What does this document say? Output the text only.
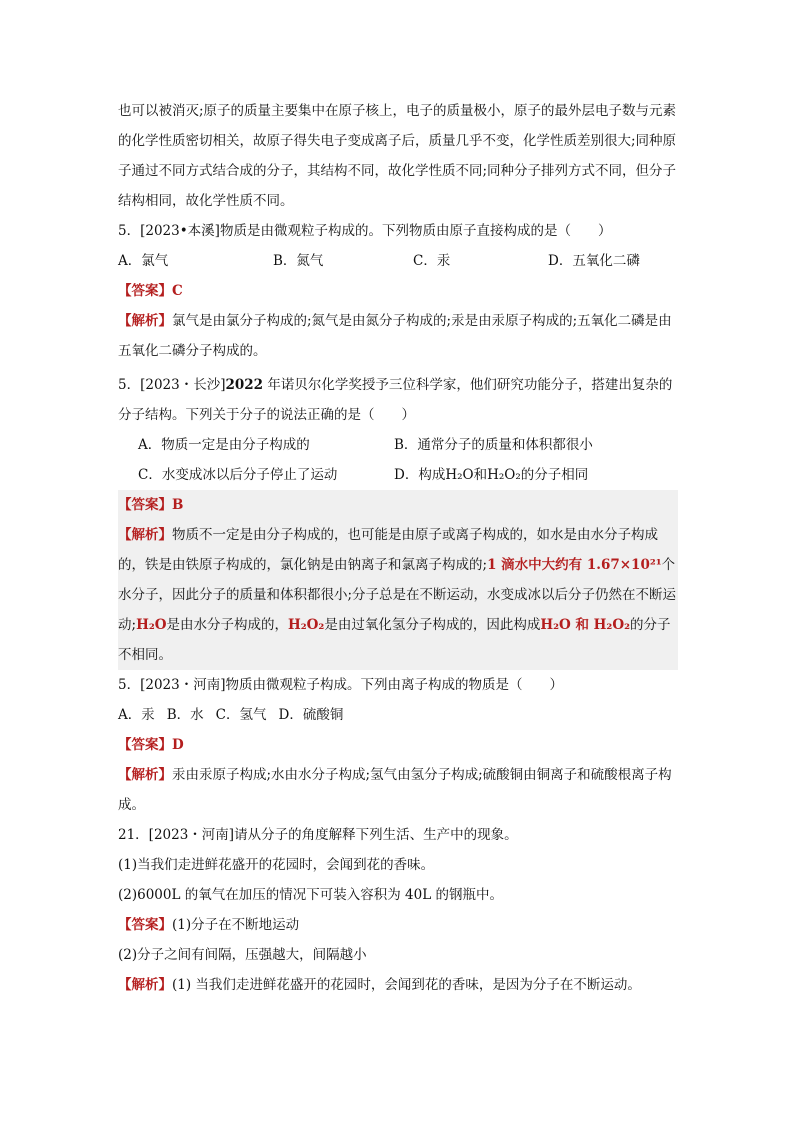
也可以被消灭;原子的质量主要集中在原子核上，电子的质量极小，原子的最外层电子数与元素的化学性质密切相关，故原子得失电子变成离子后，质量几乎不变，化学性质差别很大;同种原子通过不同方式结合成的分子，其结构不同，故化学性质不同;同种分子排列方式不同，但分子结构相同，故化学性质不同。

5．[2023•本溪]物质是由微观粒子构成的。下列物质由原子直接构成的是（　　）

A．氯气	B．氮气	C．汞	D．五氧化二磷

【答案】C

【解析】氯气是由氯分子构成的;氮气是由氮分子构成的;汞是由汞原子构成的;五氧化二磷是由五氧化二磷分子构成的。

5．[2023・长沙]2022 年诺贝尔化学奖授予三位科学家，他们研究功能分子，搭建出复杂的分子结构。下列关于分子的说法正确的是（　　）

A．物质一定是由分子构成的	B．通常分子的质量和体积都很小
C．水变成冰以后分子停止了运动	D．构成H₂O和H₂O₂的分子相同

【答案】B

【解析】物质不一定是由分子构成的，也可能是由原子或离子构成的，如水是由水分子构成的，铁是由铁原子构成的，氯化钠是由钠离子和氯离子构成的;1 滴水中大约有 1.67×10²¹个水分子，因此分子的质量和体积都很小;分子总是在不断运动，水变成冰以后分子仍然在不断运动;H₂O是由水分子构成的，H₂O₂是由过氧化氢分子构成的，因此构成H₂O 和 H₂O₂的分子不相同。

5．[2023・河南]物质由微观粒子构成。下列由离子构成的物质是（　　）

A．汞 B．水 C．氢气 D．硫酸铜

【答案】D

【解析】汞由汞原子构成;水由水分子构成;氢气由氢分子构成;硫酸铜由铜离子和硫酸根离子构成。

21．[2023・河南]请从分子的角度解释下列生活、生产中的现象。

(1)当我们走进鲜花盛开的花园时，会闻到花的香味。

(2)6000L 的氧气在加压的情况下可装入容积为 40L 的钢瓶中。

【答案】(1)分子在不断地运动

(2)分子之间有间隔，压强越大，间隔越小

【解析】(1) 当我们走进鲜花盛开的花园时，会闻到花的香味，是因为分子在不断运动。
